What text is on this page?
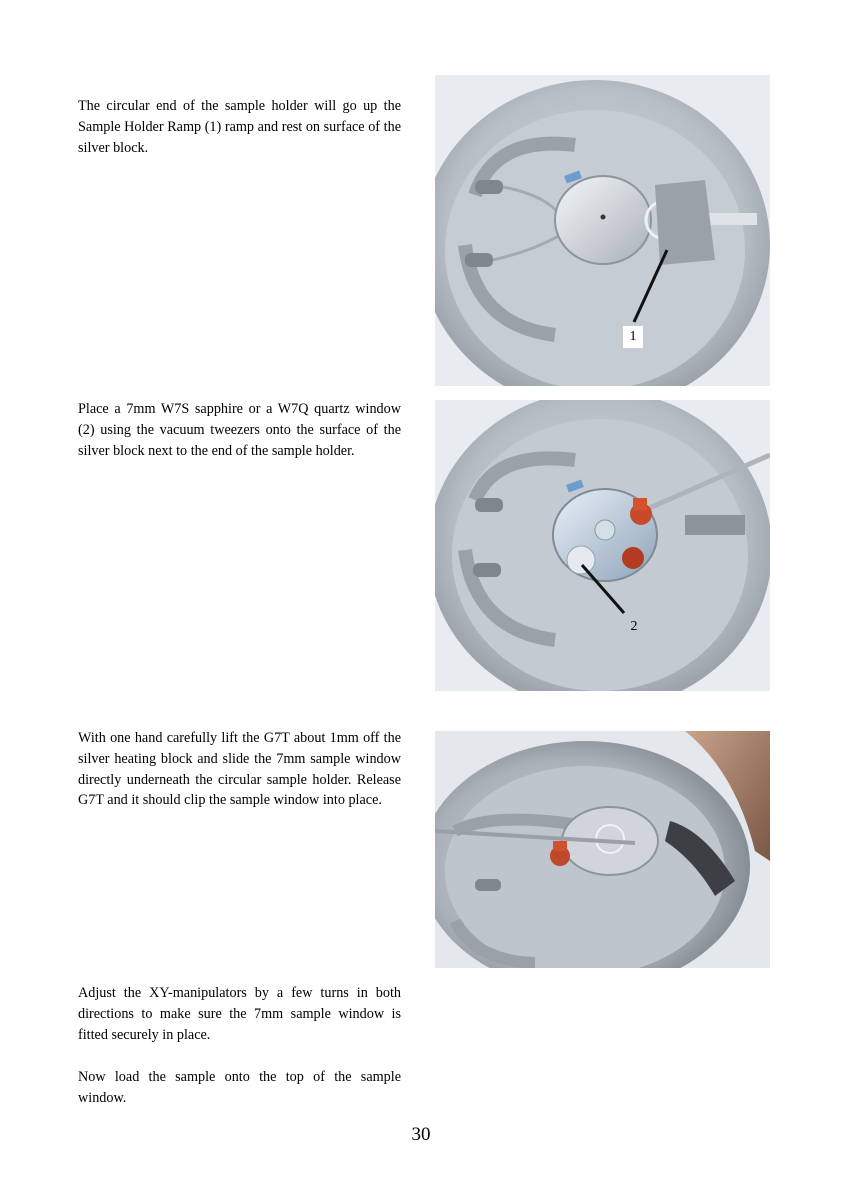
The circular end of the sample holder will go up the Sample Holder Ramp (1) ramp and rest on surface of the silver block.

Place a 7mm W7S sapphire or a W7Q quartz window (2) using the vacuum tweezers onto the surface of the silver block next to the end of the sample holder.

With one hand carefully lift the G7T about 1mm off the silver heating block and slide the 7mm sample window directly underneath the circular sample holder. Release G7T and it should clip the sample window into place.

Adjust the XY-manipulators by a few turns in both directions to make sure the 7mm sample window is fitted securely in place.

Now load the sample onto the top of the sample window.

1
2
30
